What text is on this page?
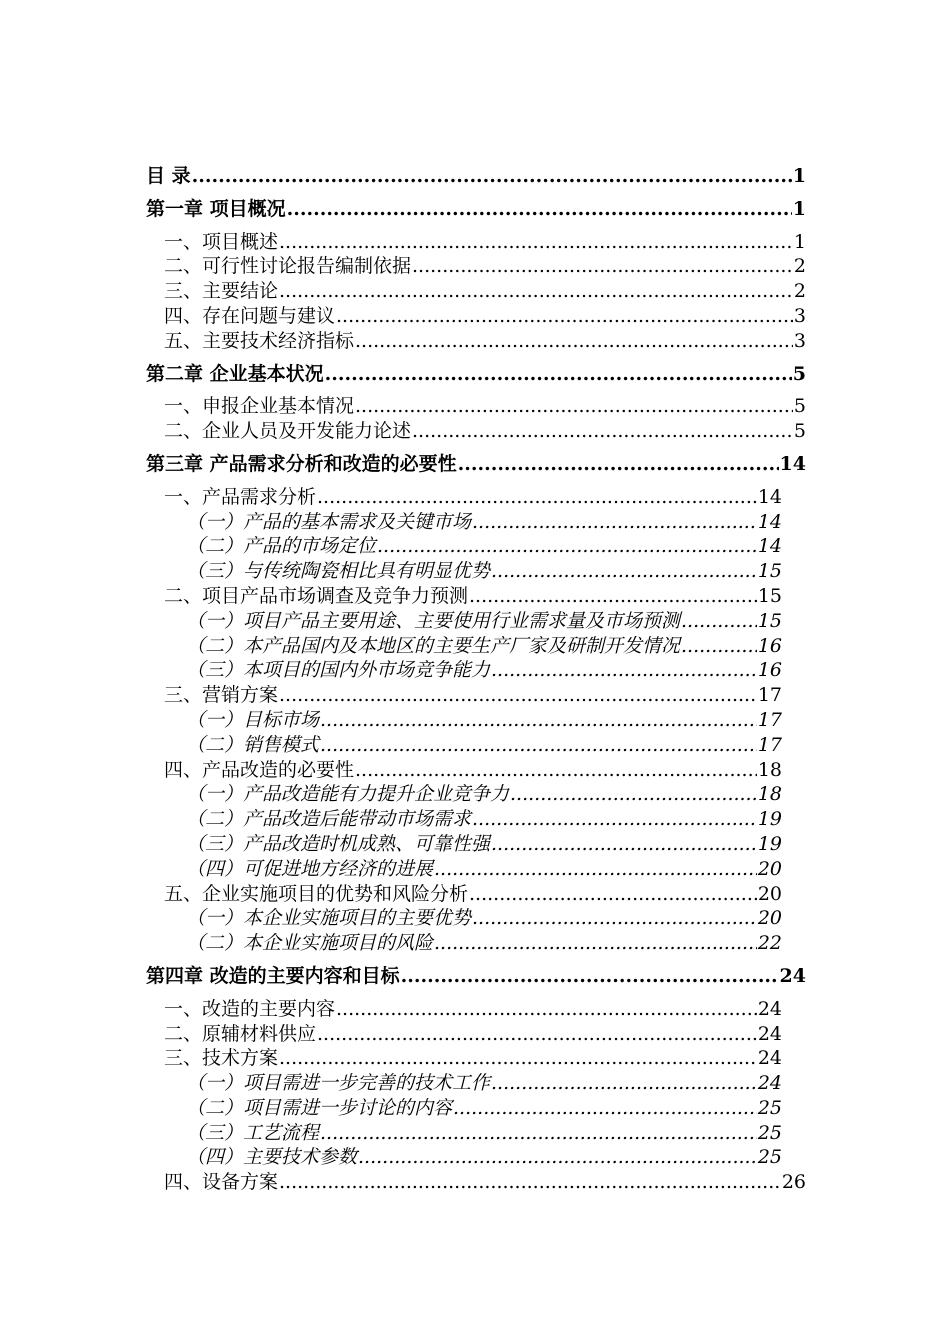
目 录 .....	1
第一章 项目概况 .....	1
一、项目概述 .....	1
二、可行性讨论报告编制依据 .....	2
三、主要结论 .....	2
四、存在问题与建议 .....	3
五、主要技术经济指标 .....	3
第二章 企业基本状况 .....	5
一、申报企业基本情况 .....	5
二、企业人员及开发能力论述 .....	5
第三章 产品需求分析和改造的必要性 .....	14
一、产品需求分析 .....	14
（一）产品的基本需求及关键市场 .....	14
（二）产品的市场定位 .....	14
（三）与传统陶瓷相比具有明显优势 .....	15
二、项目产品市场调查及竞争力预测 .....	15
（一）项目产品主要用途、主要使用行业需求量及市场预测 .....	15
（二）本产品国内及本地区的主要生产厂家及研制开发情况 .....	16
（三）本项目的国内外市场竞争能力 .....	16
三、营销方案 .....	17
（一）目标市场 .....	17
（二）销售模式 .....	17
四、产品改造的必要性 .....	18
（一）产品改造能有力提升企业竞争力 .....	18
（二）产品改造后能带动市场需求 .....	19
（三）产品改造时机成熟、可靠性强 .....	19
（四）可促进地方经济的进展 .....	20
五、企业实施项目的优势和风险分析 .....	20
（一）本企业实施项目的主要优势 .....	20
（二）本企业实施项目的风险 .....	22
第四章 改造的主要内容和目标 .....	24
一、改造的主要内容 .....	24
二、原辅材料供应 .....	24
三、技术方案 .....	24
（一）项目需进一步完善的技术工作 .....	24
（二）项目需进一步讨论的内容 .....	25
（三）工艺流程 .....	25
（四）主要技术参数 .....	25
四、设备方案 .....	26
